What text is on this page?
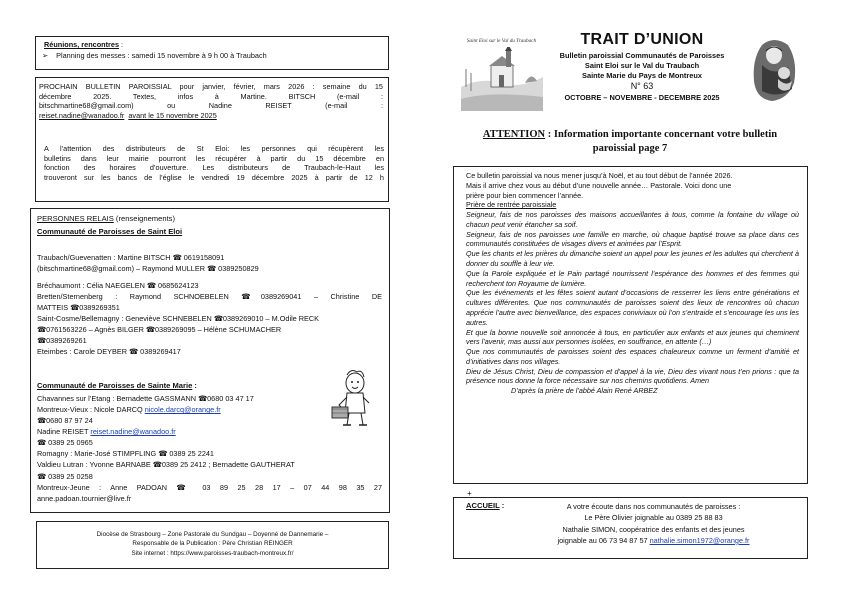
Réunions, rencontres :
➢ Planning des messes : samedi 15 novembre à 9 h 00 à Traubach
PROCHAIN BULLETIN PAROISSIAL pour janvier, février, mars 2026 : semaine du 15
décembre 2025. Textes, infos à Martine. BITSCH (e-mail :
bitschmartine68@gmail.com) ou Nadine REISET (e-mail :
reiset.nadine@wanadoo.fr avant le 15 novembre 2025
A l’attention des distributeurs de St Eloi: les personnes qui récupèrent les
bulletins dans leur mairie pourront les récupérer à partir du 15 décembre en
fonction des horaires d’ouverture. Les distributeurs de Traubach-le-Haut les
trouveront sur les bancs de l’église le vendredi 19 décembre 2025 à partir de 12 h
PERSONNES RELAIS (renseignements)
Communauté de Paroisses de Saint Eloi
Traubach/Guevenatten : Martine BITSCH ☎ 0619158091
(bitschmartine68@gmail.com) – Raymond MULLER ☎ 0389250829
Bréchaumont : Célia NAEGELEN ☎ 0685624123
Bretten/Sternenberg : Raymond SCHNOEBELEN ☎0389269041 – Christine DE
MATTEIS ☎0389269351
Saint-Cosme/Bellemagny : Geneviève SCHNEBELEN ☎0389269010 – M.Odile RECK
☎0761563226 – Agnès BILGER ☎0389269095 – Hélène SCHUMACHER
☎0389269261
Eteimbes : Carole DEYBER ☎ 0389269417
Communauté de Paroisses de Sainte Marie :
Chavannes sur l’Etang : Bernadette GASSMANN ☎0680 03 47 17
Montreux-Vieux : Nicole DARCQ nicole.darcq@orange.fr
☎0680 87 97 24
Nadine REISET reiset.nadine@wanadoo.fr
☎ 0389 25 0965
Romagny : Marie-José STIMPFLING ☎ 0389 25 2241
Valdieu Lutran : Yvonne BARNABE ☎0389 25 2412 ; Bernadette GAUTHERAT
☎ 0389 25 0258
Montreux-Jeune : Anne PADOAN ☎ 03 89 25 28 17 – 07 44 98 35 27
anne.padoan.tournier@live.fr
Diocèse de Strasbourg – Zone Pastorale du Sundgau – Doyenné de Dannemarie –
Responsable de la Publication : Père Christian REINGER
Site internet : https://www.paroisses-traubach-montreux.fr/
Saint Eloi sur le Val du Traubach	TRAIT D’UNION
Bulletin paroissial Communautés de Paroisses
Saint Eloi sur le Val du Traubach
Sainte Marie du Pays de Montreux
N° 63
OCTOBRE – NOVEMBRE - DECEMBRE 2025
ATTENTION : Information importante concernant votre bulletin
paroissial page 7
Ce bulletin paroissial va nous mener jusqu’à Noël, et au tout début de l’année 2026.
Mais il arrive chez vous au début d’une nouvelle année… Pastorale. Voici donc une
prière pour bien commencer l’année.
Prière de rentrée paroissiale
Seigneur, fais de nos paroisses des maisons accueillantes à tous, comme la fontaine du village où chacun peut venir étancher sa soif.
Seigneur, fais de nos paroisses une famille en marche, où chaque baptisé trouve sa place dans ces communautés constituées de visages divers et animées par l’Esprit.
Que les chants et les prières du dimanche soient un appel pour les jeunes et les adultes qui cherchent à donner du souffle à leur vie.
Que la Parole expliquée et le Pain partagé nourrissent l’espérance des hommes et des femmes qui recherchent ton Royaume de lumière.
Que les événements et les fêtes soient autant d’occasions de resserrer les liens entre générations et cultures différentes. Que nos communautés de paroisses soient des lieux de rencontres où chacun apprécie l’autre avec bienveillance, des espaces conviviaux où l’on s’entraide et s’encourage les uns les autres.
Et que la bonne nouvelle soit annoncée à tous, en particulier aux enfants et aux jeunes qui cheminent vers l’avenir, mas aussi aux personnes isolées, en souffrance, en attente (…)
Que nos communautés de paroisses soient des espaces chaleureux comme un ferment d’amitié et d’initiatives dans nos villages.
Dieu de Jésus Christ, Dieu de compassion et d’appel à la vie, Dieu des vivant nous t’en prions : que ta présence nous donne la force nécessaire sur nos chemins quotidiens. Amen
D’après la prière de l’abbé Alain René ARBEZ
+
ACCUEIL :	A votre écoute dans nos communautés de paroisses :
Le Père Olivier joignable au 0389 25 88 83
Nathalie SIMON, coopératrice des enfants et des jeunes
joignable au 06 73 94 87 57 nathalie.simon1972@orange.fr
